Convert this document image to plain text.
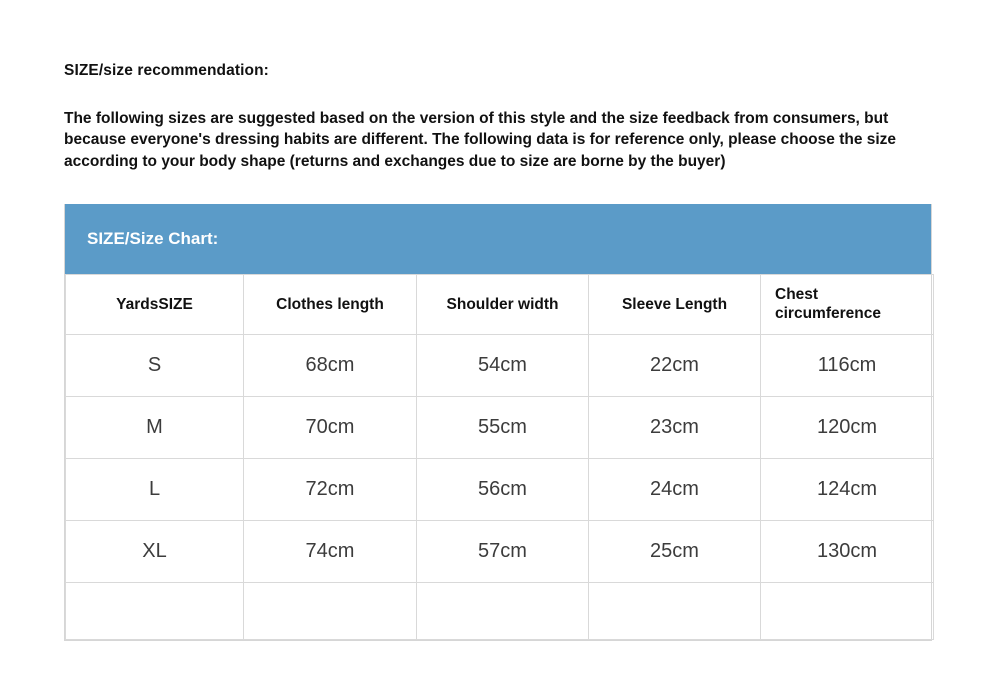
SIZE/size recommendation:
The following sizes are suggested based on the version of this style and the size feedback from consumers, but because everyone's dressing habits are different. The following data is for reference only, please choose the size according to your body shape (returns and exchanges due to size are borne by the buyer)
SIZE/Size Chart:
YardsSIZE	Clothes length	Shoulder width	Sleeve Length	Chest circumference
S	68cm	54cm	22cm	116cm
M	70cm	55cm	23cm	120cm
L	72cm	56cm	24cm	124cm
XL	74cm	57cm	25cm	130cm
